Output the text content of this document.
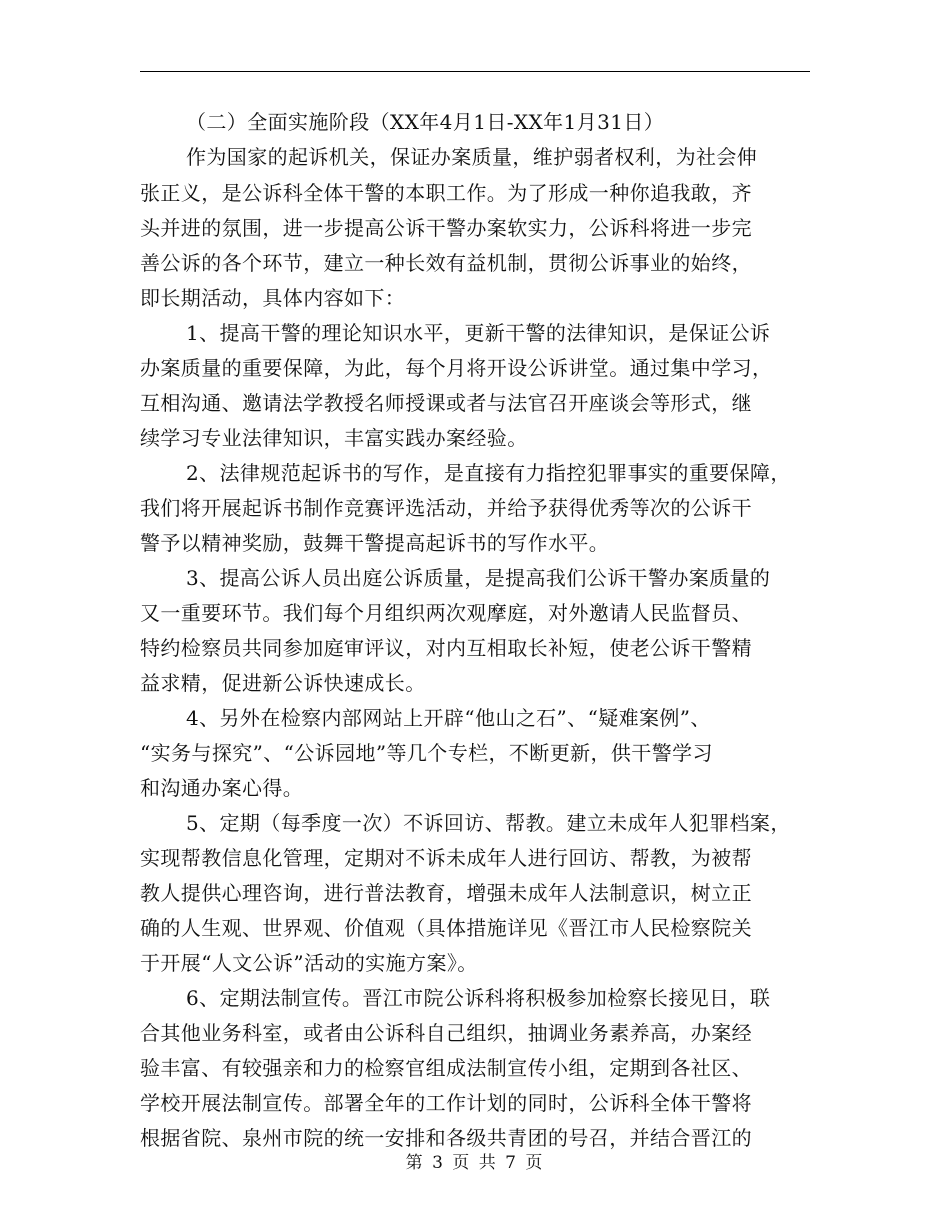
（二）全面实施阶段（XX年4月1日-XX年1月31日）
作为国家的起诉机关，保证办案质量，维护弱者权利，为社会伸
张正义，是公诉科全体干警的本职工作。为了形成一种你追我敢，齐
头并进的氛围，进一步提高公诉干警办案软实力，公诉科将进一步完
善公诉的各个环节，建立一种长效有益机制，贯彻公诉事业的始终，
即长期活动，具体内容如下：
1、提高干警的理论知识水平，更新干警的法律知识，是保证公诉
办案质量的重要保障，为此，每个月将开设公诉讲堂。通过集中学习，
互相沟通、邀请法学教授名师授课或者与法官召开座谈会等形式，继
续学习专业法律知识，丰富实践办案经验。
2、法律规范起诉书的写作，是直接有力指控犯罪事实的重要保障，
我们将开展起诉书制作竞赛评选活动，并给予获得优秀等次的公诉干
警予以精神奖励，鼓舞干警提高起诉书的写作水平。
3、提高公诉人员出庭公诉质量，是提高我们公诉干警办案质量的
又一重要环节。我们每个月组织两次观摩庭，对外邀请人民监督员、
特约检察员共同参加庭审评议，对内互相取长补短，使老公诉干警精
益求精，促进新公诉快速成长。
4、另外在检察内部网站上开辟“他山之石”、“疑难案例”、
“实务与探究”、“公诉园地”等几个专栏，不断更新，供干警学习
和沟通办案心得。
5、定期（每季度一次）不诉回访、帮教。建立未成年人犯罪档案，
实现帮教信息化管理，定期对不诉未成年人进行回访、帮教，为被帮
教人提供心理咨询，进行普法教育，增强未成年人法制意识，树立正
确的人生观、世界观、价值观（具体措施详见《晋江市人民检察院关
于开展“人文公诉”活动的实施方案》。
6、定期法制宣传。晋江市院公诉科将积极参加检察长接见日，联
合其他业务科室，或者由公诉科自己组织，抽调业务素养高，办案经
验丰富、有较强亲和力的检察官组成法制宣传小组，定期到各社区、
学校开展法制宣传。部署全年的工作计划的同时，公诉科全体干警将
根据省院、泉州市院的统一安排和各级共青团的号召，并结合晋江的
第 3 页 共 7 页
